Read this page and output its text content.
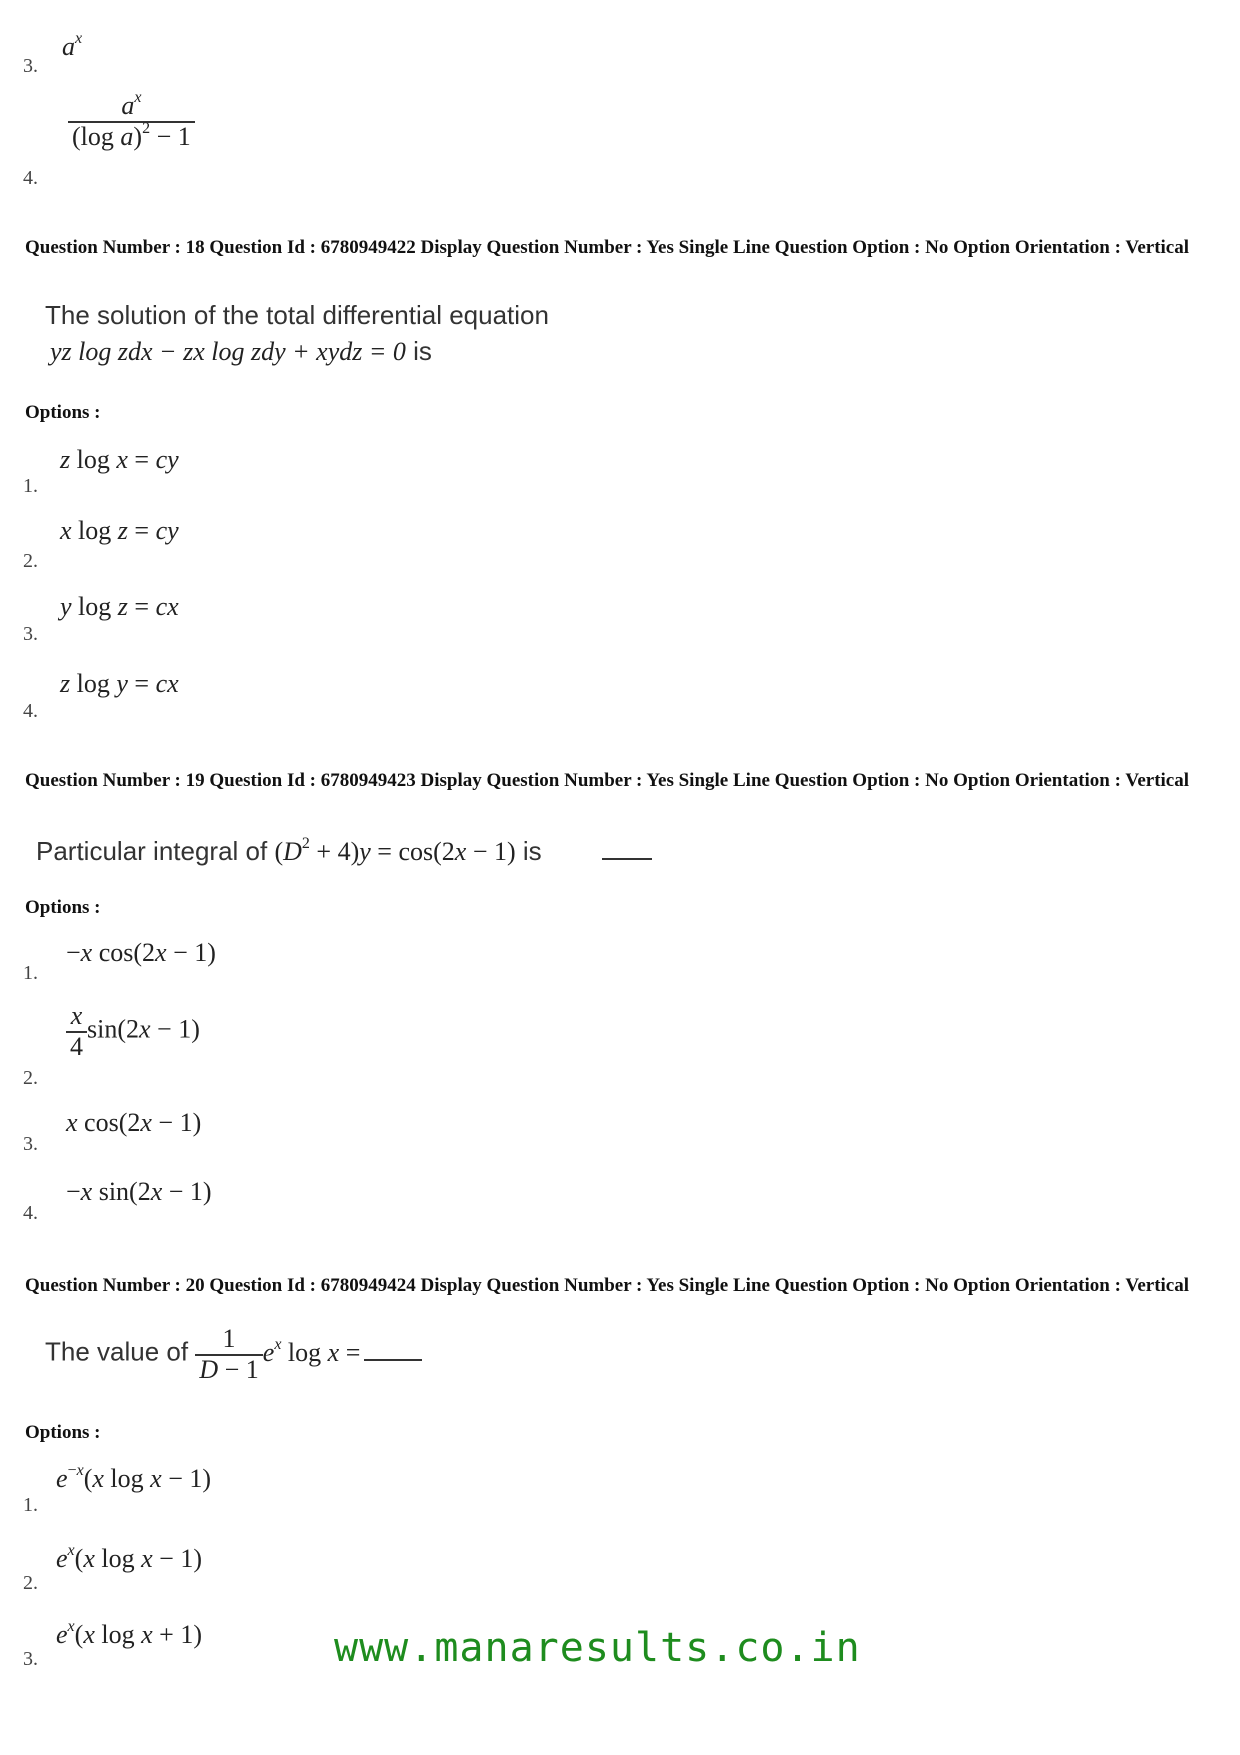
3.
$a^x$
4.
$\frac{a^x}{(\log a)^2 - 1}$
Question Number : 18 Question Id : 6780949422 Display Question Number : Yes Single Line Question Option : No Option Orientation : Vertical
The solution of the total differential equation
yz log zdx − zx log zdy + xydz = 0 is
Options :
1.
z log x = cy
2.
x log z = cy
3.
y log z = cx
4.
z log y = cx
Question Number : 19 Question Id : 6780949423 Display Question Number : Yes Single Line Question Option : No Option Orientation : Vertical
Particular integral of $(D^2 + 4)y = \cos(2x - 1)$ is
Options :
1.
−x cos(2x − 1)
2.
$\frac{x}{4} \sin(2x - 1)$
3.
x cos(2x − 1)
4.
−x sin(2x − 1)
Question Number : 20 Question Id : 6780949424 Display Question Number : Yes Single Line Question Option : No Option Orientation : Vertical
The value of $\frac{1}{D - 1} e^x$ log x =
Options :
1.
$e^{-x}(x$ log x − 1)
2.
$e^x(x$ log x − 1)
3.
$e^x(x$ log x + 1)	www.manaresults.co.in
